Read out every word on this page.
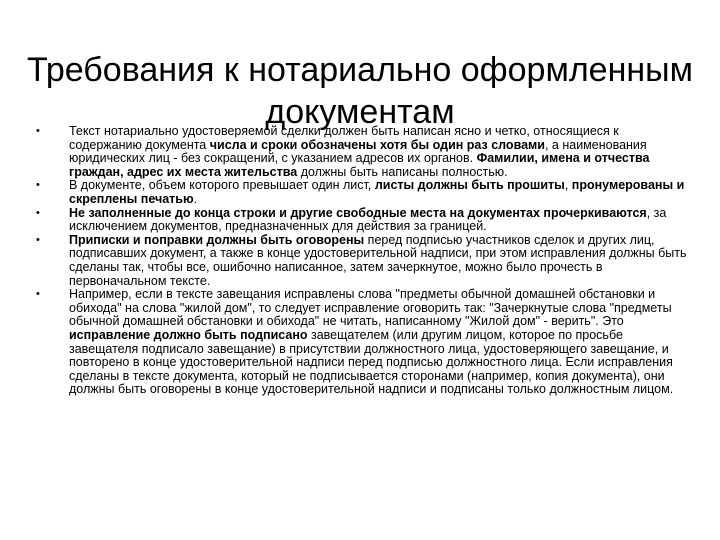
Требования к нотариально оформленным документам
• Текст нотариально удостоверяемой сделки должен быть написан ясно и четко, относящиеся к содержанию документа числа и сроки обозначены хотя бы один раз словами, а наименования юридических лиц - без сокращений, с указанием адресов их органов. Фамилии, имена и отчества граждан, адрес их места жительства должны быть написаны полностью.
• В документе, объем которого превышает один лист, листы должны быть прошиты, пронумерованы и скреплены печатью.
• Не заполненные до конца строки и другие свободные места на документах прочеркиваются, за исключением документов, предназначенных для действия за границей.
• Приписки и поправки должны быть оговорены перед подписью участников сделок и других лиц, подписавших документ, а также в конце удостоверительной надписи, при этом исправления должны быть сделаны так, чтобы все, ошибочно написанное, затем зачеркнутое, можно было прочесть в первоначальном тексте.
• Например, если в тексте завещания исправлены слова "предметы обычной домашней обстановки и обихода" на слова "жилой дом", то следует исправление оговорить так: "Зачеркнутые слова "предметы обычной домашней обстановки и обихода" не читать, написанному "Жилой дом" - верить". Это исправление должно быть подписано завещателем (или другим лицом, которое по просьбе завещателя подписало завещание) в присутствии должностного лица, удостоверяющего завещание, и повторено в конце удостоверительной надписи перед подписью должностного лица. Если исправления сделаны в тексте документа, который не подписывается сторонами (например, копия документа), они должны быть оговорены в конце удостоверительной надписи и подписаны только должностным лицом.
